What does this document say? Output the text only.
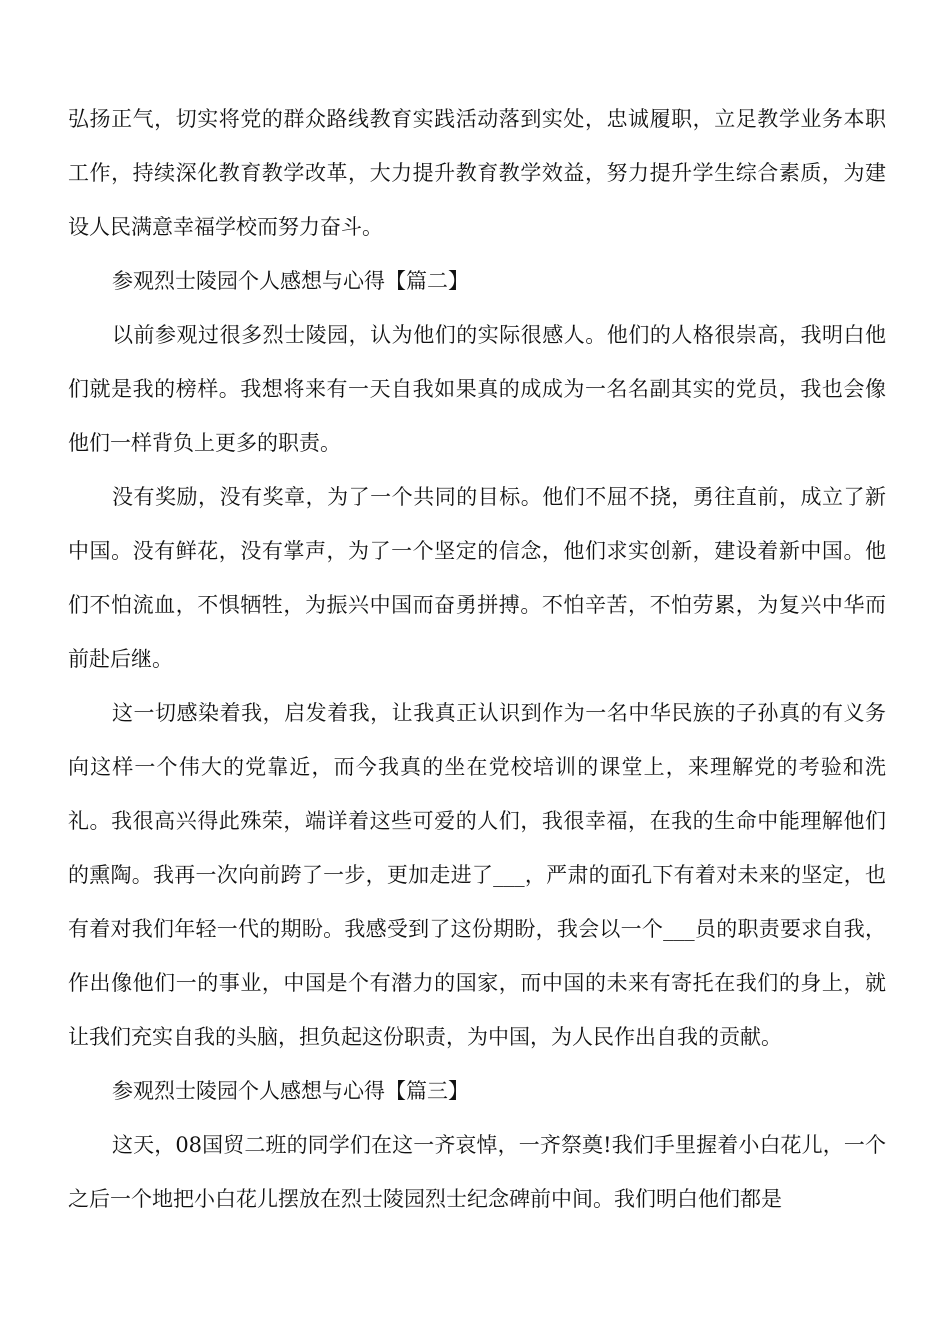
弘扬正气，切实将党的群众路线教育实践活动落到实处，忠诚履职，立足教学业务本职工作，持续深化教育教学改革，大力提升教育教学效益，努力提升学生综合素质，为建设人民满意幸福学校而努力奋斗。

参观烈士陵园个人感想与心得【篇二】

以前参观过很多烈士陵园，认为他们的实际很感人。他们的人格很崇高，我明白他们就是我的榜样。我想将来有一天自我如果真的成成为一名名副其实的党员，我也会像他们一样背负上更多的职责。

没有奖励，没有奖章，为了一个共同的目标。他们不屈不挠，勇往直前，成立了新中国。没有鲜花，没有掌声，为了一个坚定的信念，他们求实创新，建设着新中国。他们不怕流血，不惧牺牲，为振兴中国而奋勇拼搏。不怕辛苦，不怕劳累，为复兴中华而前赴后继。

这一切感染着我，启发着我，让我真正认识到作为一名中华民族的子孙真的有义务向这样一个伟大的党靠近，而今我真的坐在党校培训的课堂上，来理解党的考验和洗礼。我很高兴得此殊荣，端详着这些可爱的人们，我很幸福，在我的生命中能理解他们的熏陶。我再一次向前跨了一步，更加走进了___，严肃的面孔下有着对未来的坚定，也有着对我们年轻一代的期盼。我感受到了这份期盼，我会以一个___员的职责要求自我，作出像他们一的事业，中国是个有潜力的国家，而中国的未来有寄托在我们的身上，就让我们充实自我的头脑，担负起这份职责，为中国，为人民作出自我的贡献。

参观烈士陵园个人感想与心得【篇三】

这天，08国贸二班的同学们在这一齐哀悼，一齐祭奠!我们手里握着小白花儿，一个之后一个地把小白花儿摆放在烈士陵园烈士纪念碑前中间。我们明白他们都是
